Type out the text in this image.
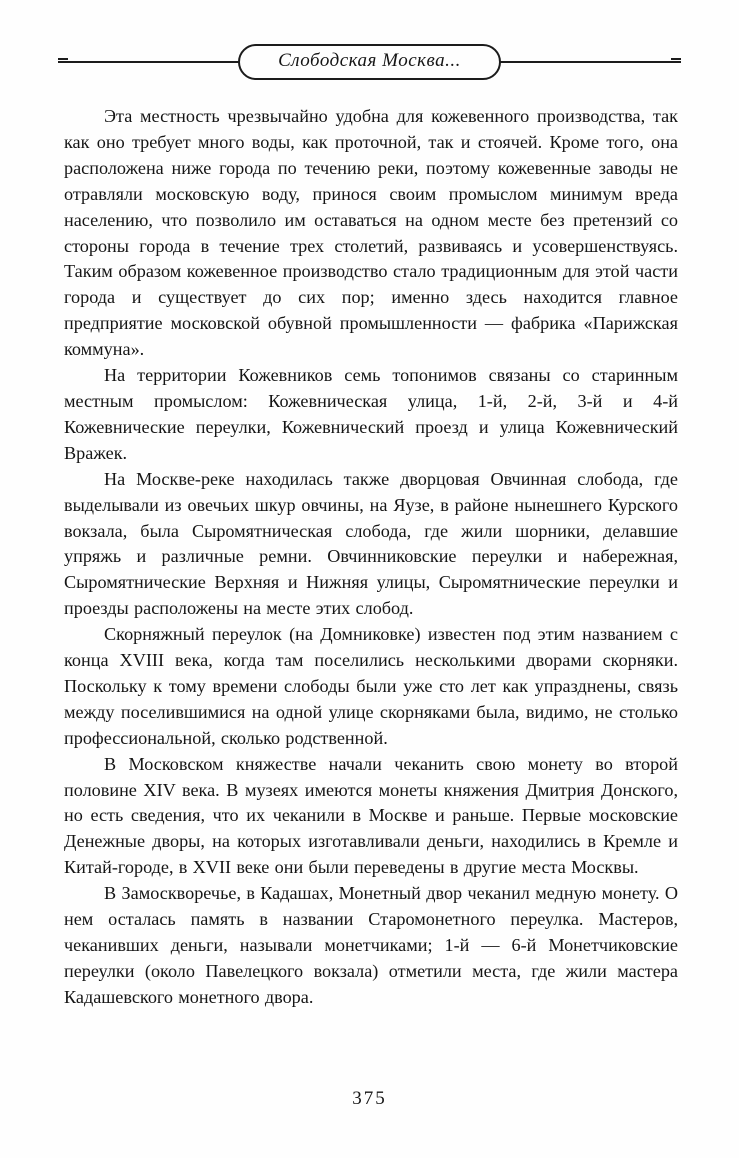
Слободская Москва...

Эта местность чрезвычайно удобна для кожевенного производства, так как оно требует много воды, как проточной, так и стоячей. Кроме того, она расположена ниже города по течению реки, поэтому кожевенные заводы не отравляли московскую воду, принося своим промыслом минимум вреда населению, что позволило им оставаться на одном месте без претензий со стороны города в течение трех столетий, развиваясь и усовершенствуясь. Таким образом кожевенное производство стало традиционным для этой части города и существует до сих пор; именно здесь находится главное предприятие московской обувной промышленности — фабрика «Парижская коммуна».

На территории Кожевников семь топонимов связаны со старинным местным промыслом: Кожевническая улица, 1-й, 2-й, 3-й и 4-й Кожевнические переулки, Кожевнический проезд и улица Кожевнический Вражек.

На Москве-реке находилась также дворцовая Овчинная слобода, где выделывали из овечьих шкур овчины, на Яузе, в районе нынешнего Курского вокзала, была Сыромятническая слобода, где жили шорники, делавшие упряжь и различные ремни. Овчинниковские переулки и набережная, Сыромятнические Верхняя и Нижняя улицы, Сыромятнические переулки и проезды расположены на месте этих слобод.

Скорняжный переулок (на Домниковке) известен под этим названием с конца XVIII века, когда там поселились несколькими дворами скорняки. Поскольку к тому времени слободы были уже сто лет как упразднены, связь между поселившимися на одной улице скорняками была, видимо, не столько профессиональной, сколько родственной.

В Московском княжестве начали чеканить свою монету во второй половине XIV века. В музеях имеются монеты княжения Дмитрия Донского, но есть сведения, что их чеканили в Москве и раньше. Первые московские Денежные дворы, на которых изготавливали деньги, находились в Кремле и Китай-городе, в XVII веке они были переведены в другие места Москвы.

В Замоскворечье, в Кадашах, Монетный двор чеканил медную монету. О нем осталась память в названии Старомонетного переулка. Мастеров, чеканивших деньги, называли монетчиками; 1-й — 6-й Монетчиковские переулки (около Павелецкого вокзала) отметили места, где жили мастера Кадашевского монетного двора.

375
